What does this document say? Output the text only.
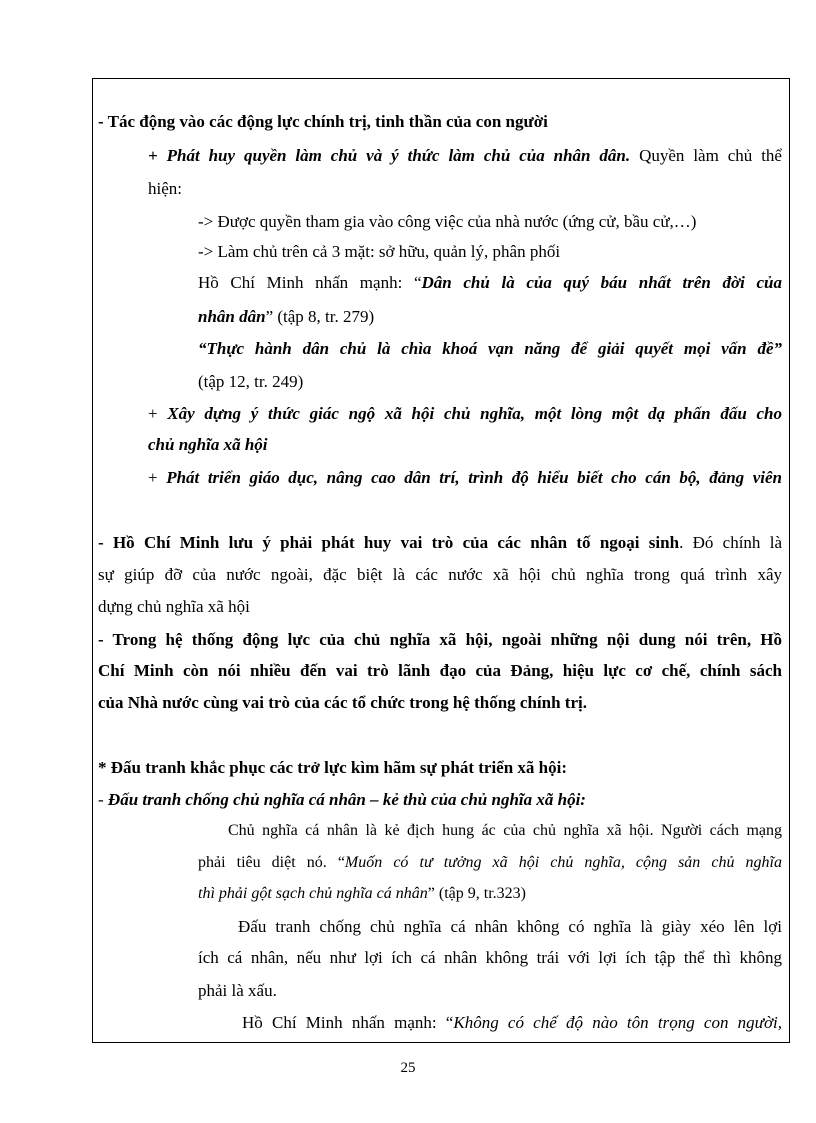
- Tác động vào các động lực chính trị, tinh thần của con người
+ Phát huy quyền làm chủ và ý thức làm chủ của nhân dân. Quyền làm chủ thể
hiện:
-> Được quyền tham gia vào công việc của nhà nước (ứng cử, bầu cử,…)
-> Làm chủ trên cả 3 mặt: sở hữu, quản lý, phân phối
Hồ Chí Minh nhấn mạnh: “Dân chủ là của quý báu nhất trên đời của
nhân dân” (tập 8, tr. 279)
“Thực hành dân chủ là chìa khoá vạn năng để giải quyết mọi vấn đề”
(tập 12, tr. 249)
+ Xây dựng ý thức giác ngộ xã hội chủ nghĩa, một lòng một dạ phấn đấu cho
chủ nghĩa xã hội
+ Phát triển giáo dục, nâng cao dân trí, trình độ hiểu biết cho cán bộ, đảng viên
- Hồ Chí Minh lưu ý phải phát huy vai trò của các nhân tố ngoại sinh. Đó chính là
sự giúp đỡ của nước ngoài, đặc biệt là các nước xã hội chủ nghĩa trong quá trình xây
dựng chủ nghĩa xã hội
- Trong hệ thống động lực của chủ nghĩa xã hội, ngoài những nội dung nói trên, Hồ
Chí Minh còn nói nhiều đến vai trò lãnh đạo của Đảng, hiệu lực cơ chế, chính sách
của Nhà nước cùng vai trò của các tổ chức trong hệ thống chính trị.
* Đấu tranh khắc phục các trở lực kìm hãm sự phát triển xã hội:
- Đấu tranh chống chủ nghĩa cá nhân – kẻ thù của chủ nghĩa xã hội:
Chủ nghĩa cá nhân là kẻ địch hung ác của chủ nghĩa xã hội. Người cách mạng
phải tiêu diệt nó. “Muốn có tư tưởng xã hội chủ nghĩa, cộng sản chủ nghĩa
thì phải gột sạch chủ nghĩa cá nhân” (tập 9, tr.323)
Đấu tranh chống chủ nghĩa cá nhân không có nghĩa là giày xéo lên lợi
ích cá nhân, nếu như lợi ích cá nhân không trái với lợi ích tập thể thì không
phải là xấu.
Hồ Chí Minh nhấn mạnh: “Không có chế độ nào tôn trọng con người,
25
